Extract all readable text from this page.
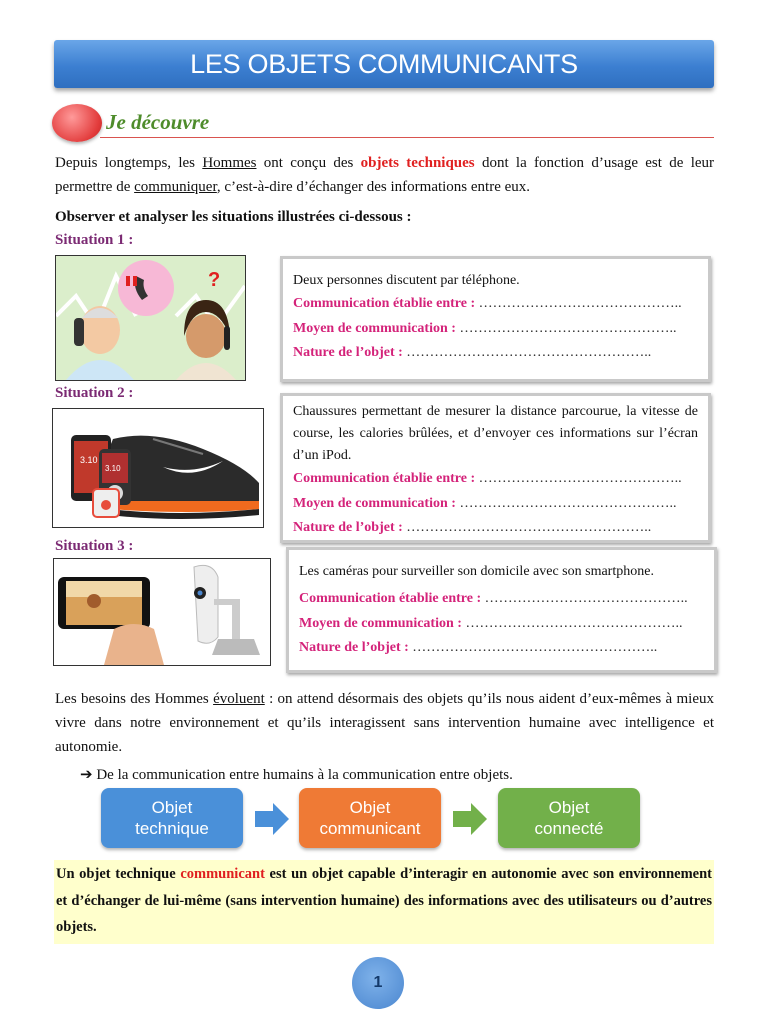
LES OBJETS COMMUNICANTS
Je découvre
Depuis longtemps, les Hommes ont conçu des objets techniques dont la fonction d’usage est de leur permettre de communiquer, c’est-à-dire d’échanger des informations entre eux.
Observer et analyser les situations illustrées ci-dessous :
Situation 1 :
?	Deux personnes discutent par téléphone.
Communication établie entre : ……………………………………..
Moyen de communication : ………………………………………..
Nature de l’objet : ……………………………………………..
Situation 2 :
3.10
3.10
Chaussures permettant de mesurer la distance parcourue, la vitesse de course, les calories brûlées, et d’envoyer ces informations sur l’écran d’un iPod.
Communication établie entre : ……………………………………..
Moyen de communication : ………………………………………..
Nature de l’objet : ……………………………………………..
Situation 3 :
Les caméras pour surveiller son domicile avec son smartphone.
Communication établie entre : ……………………………………..
Moyen de communication : ………………………………………..
Nature de l’objet : ……………………………………………..
Les besoins des Hommes évoluent : on attend désormais des objets qu’ils nous aident d’eux-mêmes à mieux vivre dans notre environnement et qu’ils interagissent sans intervention humaine avec intelligence et autonomie.
➔ De la communication entre humains à la communication entre objets.
Objet
technique
Objet
communicant
Objet
connecté
Un objet technique communicant est un objet capable d’interagir en autonomie avec son environnement et d’échanger de lui-même (sans intervention humaine) des informations avec des utilisateurs ou d’autres objets.
1
